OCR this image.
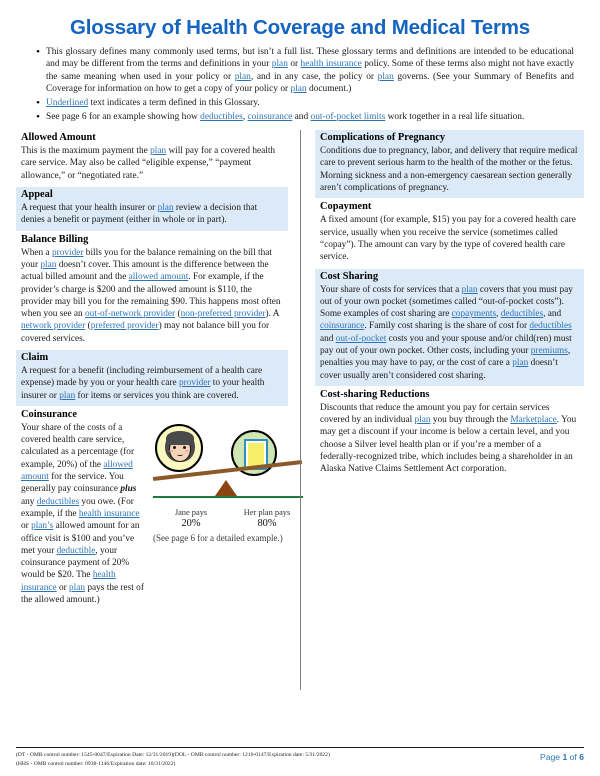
Glossary of Health Coverage and Medical Terms
• This glossary defines many commonly used terms, but isn’t a full list. These glossary terms and definitions are intended to be educational and may be different from the terms and definitions in your plan or health insurance policy. Some of these terms also might not have exactly the same meaning when used in your policy or plan, and in any case, the policy or plan governs. (See your Summary of Benefits and Coverage for information on how to get a copy of your policy or plan document.)
• Underlined text indicates a term defined in this Glossary.
• See page 6 for an example showing how deductibles, coinsurance and out-of-pocket limits work together in a real life situation.
Allowed Amount

This is the maximum payment the plan will pay for a covered health care service. May also be called “eligible expense,” “payment allowance,” or “negotiated rate.”

Appeal

A request that your health insurer or plan review a decision that denies a benefit or payment (either in whole or in part).

Balance Billing

When a provider bills you for the balance remaining on the bill that your plan doesn’t cover. This amount is the difference between the actual billed amount and the allowed amount. For example, if the provider’s charge is $200 and the allowed amount is $110, the provider may bill you for the remaining $90. This happens most often when you see an out-of-network provider (non-preferred provider). A network provider (preferred provider) may not balance bill you for covered services.

Claim

A request for a benefit (including reimbursement of a health care expense) made by you or your health care provider to your health insurer or plan for items or services you think are covered.

Coinsurance

Your share of the costs of a covered health care service, calculated as a percentage (for example, 20%) of the allowed amount for the service. You generally pay coinsurance plus any deductibles you owe. (For example, if the health insurance or plan’s allowed amount for an office visit is $100 and you’ve met your deductible, your coinsurance payment of 20% would be $20. The health insurance or plan pays the rest of the allowed amount.)

Jane pays
20%
Her plan pays
80%
(See page 6 for a detailed example.)
Complications of Pregnancy

Conditions due to pregnancy, labor, and delivery that require medical care to prevent serious harm to the health of the mother or the fetus. Morning sickness and a non-emergency caesarean section generally aren’t complications of pregnancy.

Copayment

A fixed amount (for example, $15) you pay for a covered health care service, usually when you receive the service (sometimes called “copay”). The amount can vary by the type of covered health care service.

Cost Sharing

Your share of costs for services that a plan covers that you must pay out of your own pocket (sometimes called “out-of-pocket costs”). Some examples of cost sharing are copayments, deductibles, and coinsurance. Family cost sharing is the share of cost for deductibles and out-of-pocket costs you and your spouse and/or child(ren) must pay out of your own pocket. Other costs, including your premiums, penalties you may have to pay, or the cost of care a plan doesn’t cover usually aren’t considered cost sharing.

Cost-sharing Reductions

Discounts that reduce the amount you pay for certain services covered by an individual plan you buy through the Marketplace. You may get a discount if your income is below a certain level, and you choose a Silver level health plan or if you’re a member of a federally-recognized tribe, which includes being a shareholder in an Alaska Native Claims Settlement Act corporation.

(DT - OMB control number: 1545-0047/Expiration Date: 12/31/2019)(DOL - OMB control number: 1210-0147/Expiration date: 5/31/2022)
(HHS - OMB control number: 0938-1146/Expiration date: 10/31/2022)
Page 1 of 6
